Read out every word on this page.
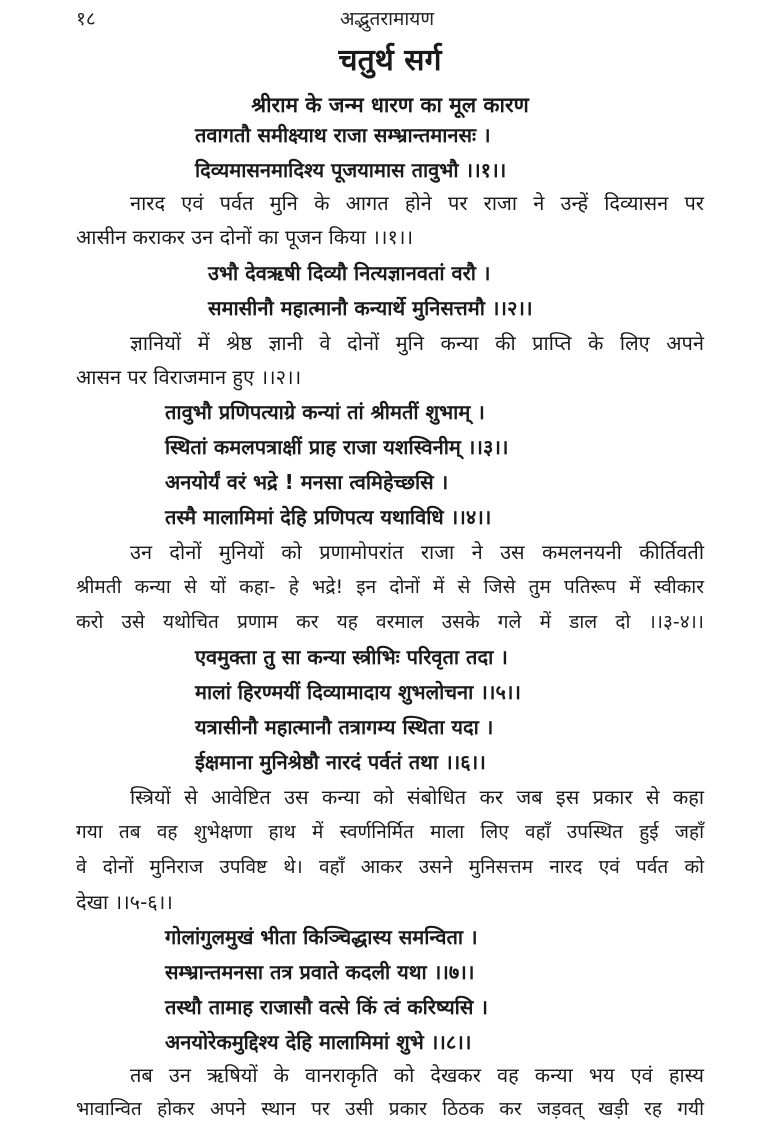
१८	अद्भुतरामायण
चतुर्थ सर्ग
श्रीराम के जन्म धारण का मूल कारण
तवागतौ समीक्ष्याथ राजा सम्भ्रान्तमानसः ।
दिव्यमासनमादिश्य पूजयामास तावुभौ ।।१।।
नारद एवं पर्वत मुनि के आगत होने पर राजा ने उन्हें दिव्यासन पर
आसीन कराकर उन दोनों का पूजन किया ।।१।।
उभौ देवऋषी दिव्यौ नित्यज्ञानवतां वरौ ।
समासीनौ महात्मानौ कन्यार्थे मुनिसत्तमौ ।।२।।
ज्ञानियों में श्रेष्ठ ज्ञानी वे दोनों मुनि कन्या की प्राप्ति के लिए अपने
आसन पर विराजमान हुए ।।२।।
तावुभौ प्रणिपत्याग्रे कन्यां तां श्रीमतीं शुभाम् ।
स्थितां कमलपत्राक्षीं प्राह राजा यशस्विनीम् ।।३।।
अनयोर्यं वरं भद्रे ! मनसा त्वमिहेच्छसि ।
तस्मै मालामिमां देहि प्रणिपत्य यथाविधि ।।४।।
उन दोनों मुनियों को प्रणामोपरांत राजा ने उस कमलनयनी कीर्तिवती
श्रीमती कन्या से यों कहा- हे भद्रे! इन दोनों में से जिसे तुम पतिरूप में स्वीकार
करो उसे यथोचित प्रणाम कर यह वरमाल उसके गले में डाल दो ।।३-४।।
एवमुक्ता तु सा कन्या स्त्रीभिः परिवृता तदा ।
मालां हिरण्मयीं दिव्यामादाय शुभलोचना ।।५।।
यत्रासीनौ महात्मानौ तत्रागम्य स्थिता यदा ।
ईक्षमाना मुनिश्रेष्ठौ नारदं पर्वतं तथा ।।६।।
स्त्रियों से आवेष्टित उस कन्या को संबोधित कर जब इस प्रकार से कहा
गया तब वह शुभेक्षणा हाथ में स्वर्णनिर्मित माला लिए वहाँ उपस्थित हुई जहाँ
वे दोनों मुनिराज उपविष्ट थे। वहाँ आकर उसने मुनिसत्तम नारद एवं पर्वत को
देखा ।।५-६।।
गोलांगुलमुखं भीता किञ्चिद्धास्य समन्विता ।
सम्भ्रान्तमनसा तत्र प्रवाते कदली यथा ।।७।।
तस्थौ तामाह राजासौ वत्से किं त्वं करिष्यसि ।
अनयोरेकमुद्दिश्य देहि मालामिमां शुभे ।।८।।
तब उन ऋषियों के वानराकृति को देखकर वह कन्या भय एवं हास्य
भावान्वित होकर अपने स्थान पर उसी प्रकार ठिठक कर जड़वत् खड़ी रह गयी
